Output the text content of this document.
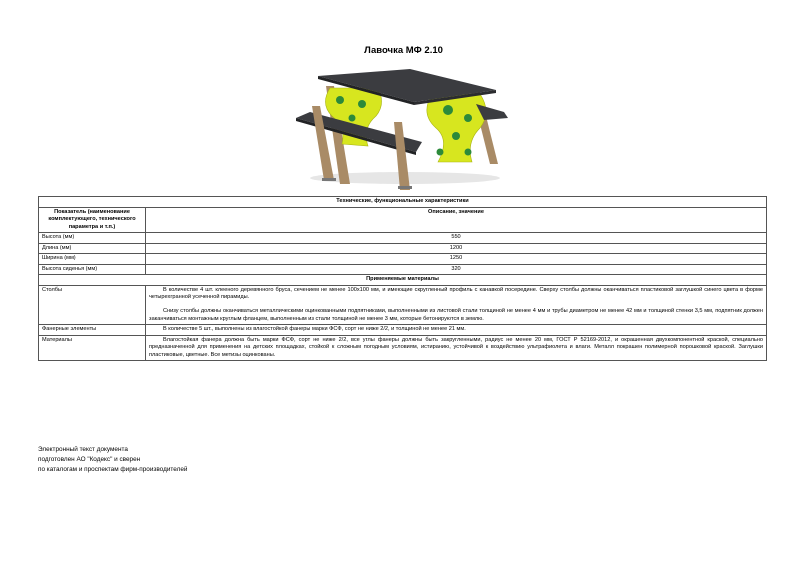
Лавочка МФ 2.10
Технические, функциональные характеристики	
Показатель (наименование комплектующего, технического параметра и т.п.)	Описание, значение
Высота (мм)	550
Длина (мм)	1200
Ширина (мм)	1250
Высота сиденья (мм)	320
Применяемые материалы	
Столбы	В количестве 4 шт. клееного деревянного бруса, сечением не менее 100х100 мм, и имеющие скругленный профиль с канавкой посередине. Сверху столбы должны оканчиваться пластиковой заглушкой синего цвета в форме четырехгранной усеченной пирамиды.

Снизу столбы должны оканчиваться металлическими оцинкованными подпятниками, выполненными из листовой стали толщиной не менее 4 мм и трубы диаметром не менее 42 мм и толщиной стенки 3,5 мм, подпятник должен заканчиваться монтажным круглым фланцем, выполненным из стали толщиной не менее 3 мм, которые бетонируются в землю.

Фанерные элементы	В количестве 5 шт., выполнены из влагостойкой фанеры марки ФСФ, сорт не ниже 2/2, и толщиной не менее 21 мм.

Материалы	Влагостойкая фанера должна быть марки ФСФ, сорт не ниже 2/2, все углы фанеры должны быть закругленными, радиус не менее 20 мм, ГОСТ Р 52169-2012, и окрашенная двухкомпонентной краской, специально предназначенной для применения на детских площадках, стойкой к сложным погодным условиям, истиранию, устойчивой к воздействию ультрафиолета и влаги. Металл покрашен полимерной порошковой краской. Заглушки пластиковые, цветные. Все метизы оцинкованы.

Электронный текст документа
подготовлен АО "Кодекс" и сверен
по каталогам и проспектам фирм-производителей
